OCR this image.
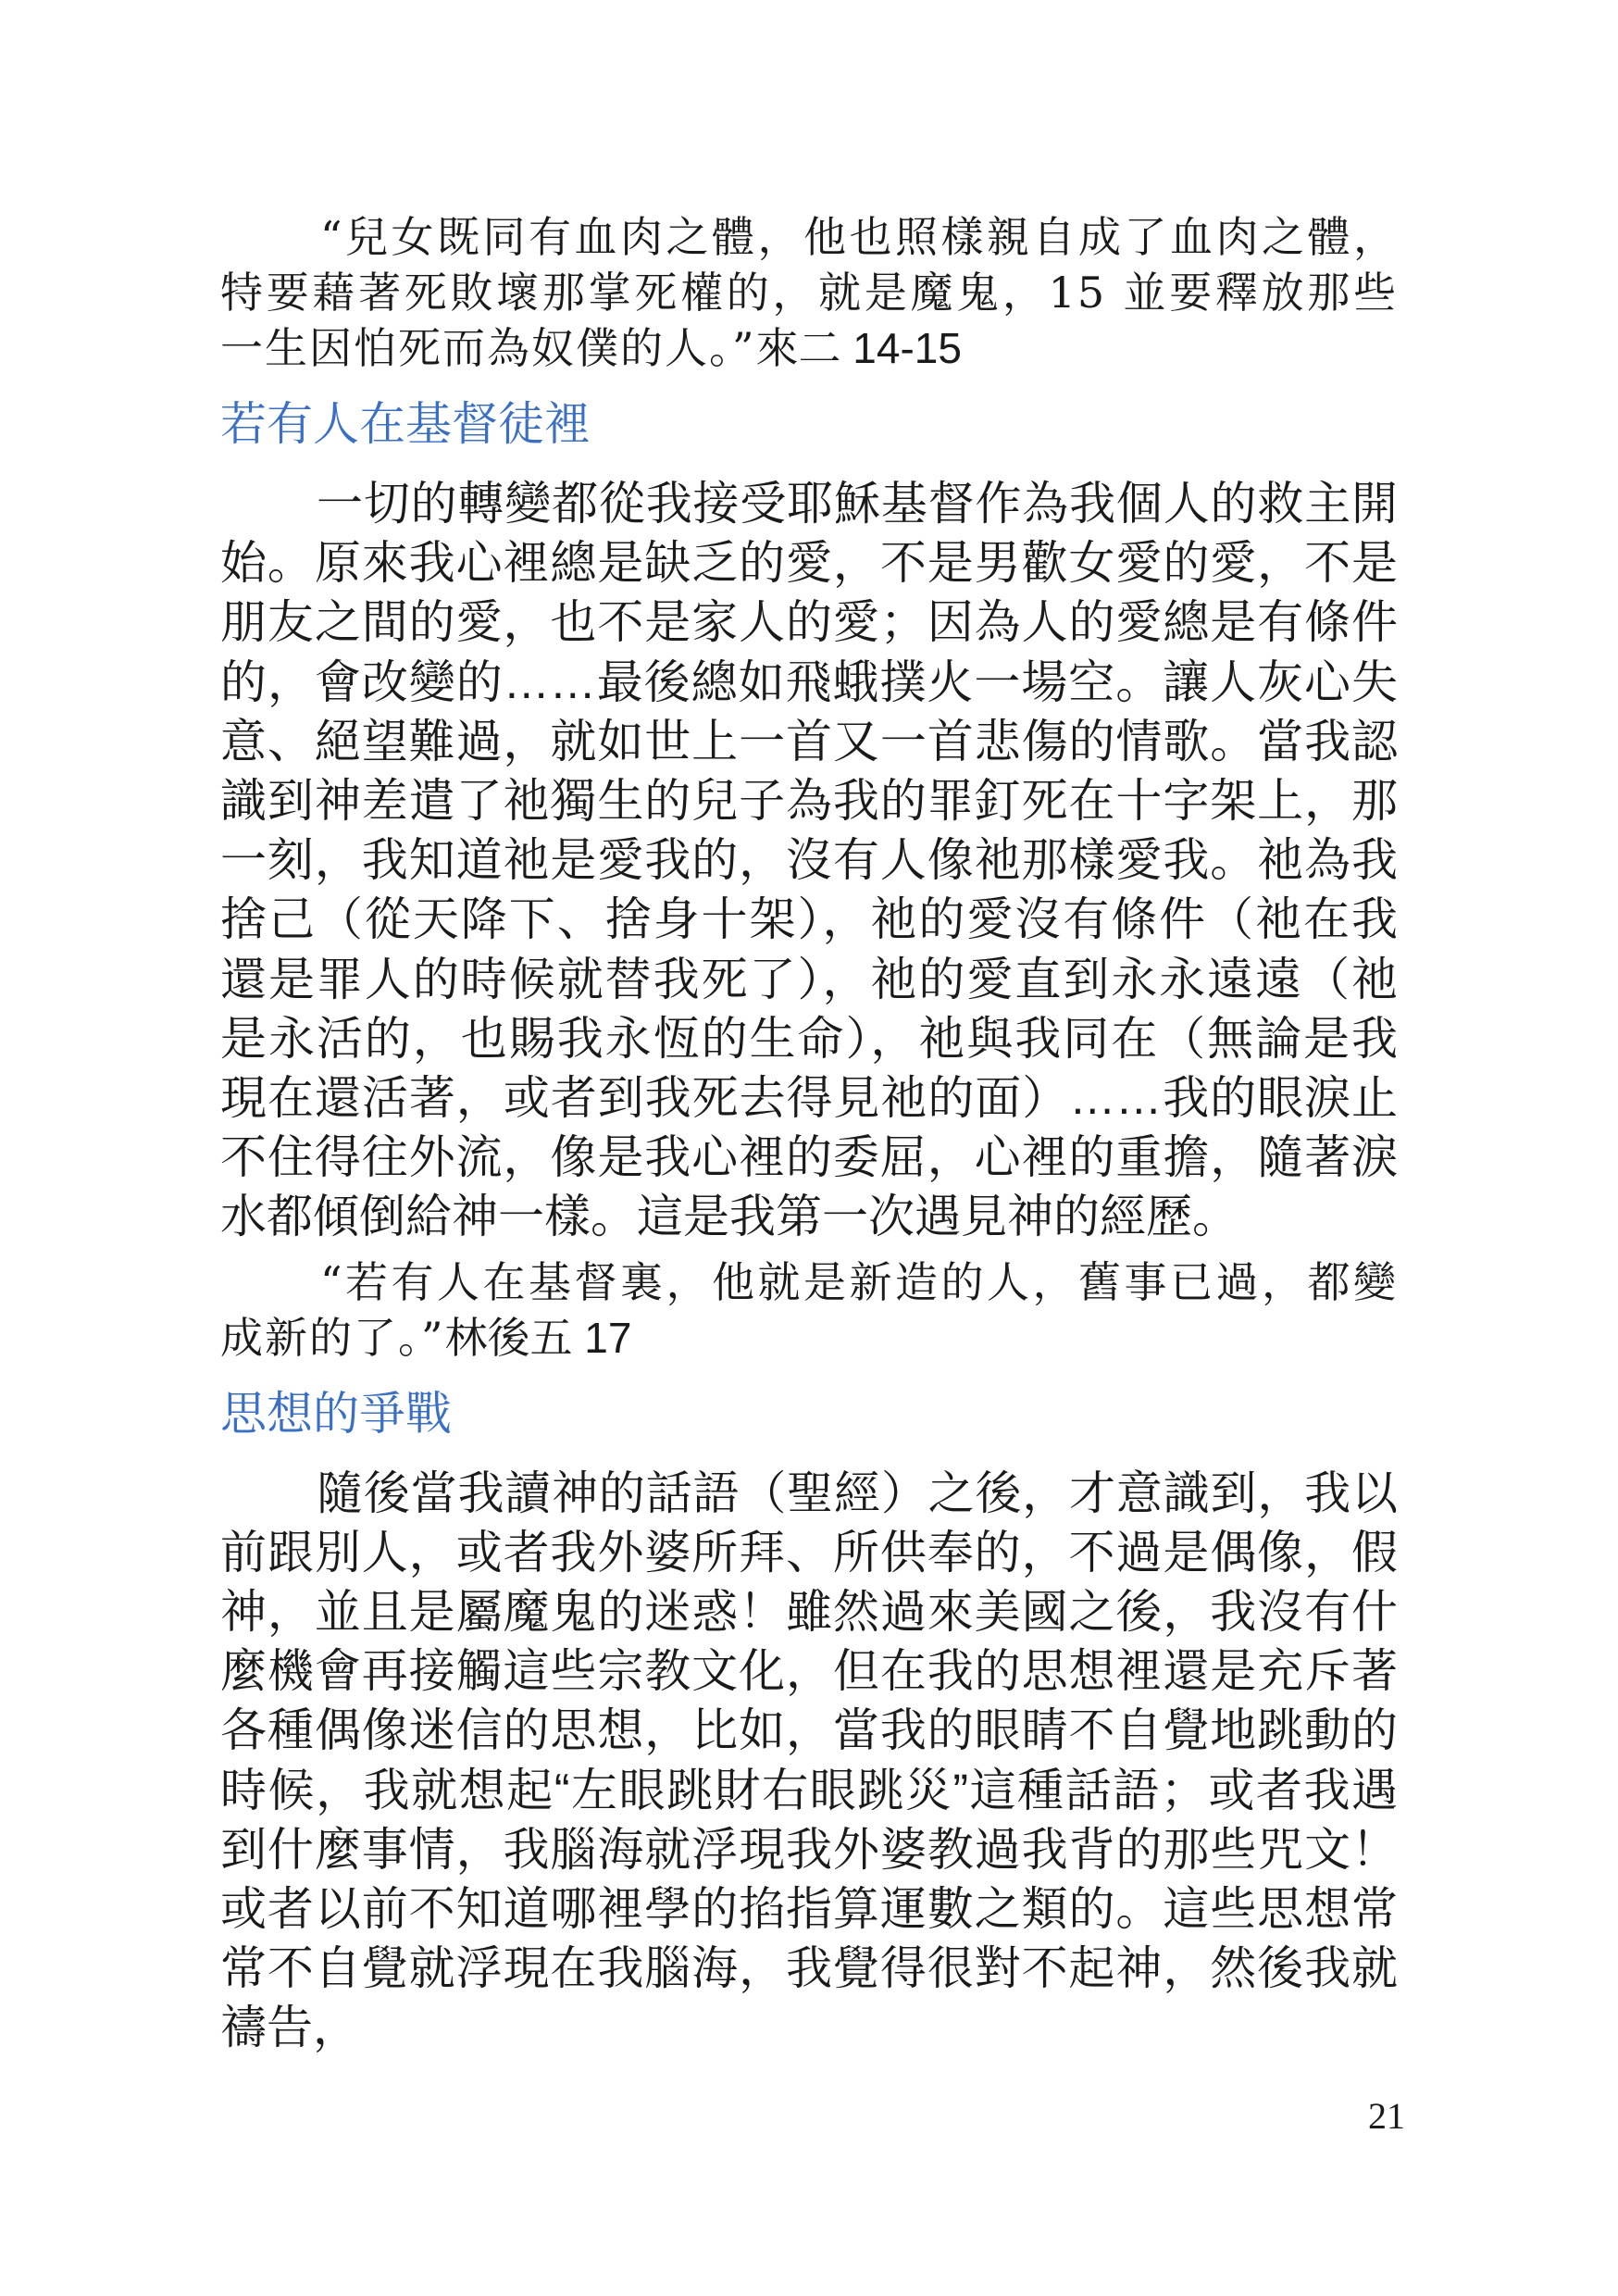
“兒女既同有血肉之體，他也照樣親自成了血肉之體，特要藉著死敗壞那掌死權的，就是魔鬼，15 並要釋放那些一生因怕死而為奴僕的人。”來二 14-15

若有人在基督徒裡

一切的轉變都從我接受耶穌基督作為我個人的救主開始。原來我心裡總是缺乏的愛，不是男歡女愛的愛，不是朋友之間的愛，也不是家人的愛；因為人的愛總是有條件的，會改變的……最後總如飛蛾撲火一場空。讓人灰心失意、絕望難過，就如世上一首又一首悲傷的情歌。當我認識到神差遣了祂獨生的兒子為我的罪釘死在十字架上，那一刻，我知道祂是愛我的，沒有人像祂那樣愛我。祂為我捨己（從天降下、捨身十架），祂的愛沒有條件（祂在我還是罪人的時候就替我死了），祂的愛直到永永遠遠（祂是永活的，也賜我永恆的生命），祂與我同在（無論是我現在還活著，或者到我死去得見祂的面）……我的眼淚止不住得往外流，像是我心裡的委屈，心裡的重擔，隨著淚水都傾倒給神一樣。這是我第一次遇見神的經歷。

“若有人在基督裏，他就是新造的人，舊事已過，都變成新的了。”林後五 17

思想的爭戰

隨後當我讀神的話語（聖經）之後，才意識到，我以前跟別人，或者我外婆所拜、所供奉的，不過是偶像，假神，並且是屬魔鬼的迷惑！雖然過來美國之後，我沒有什麼機會再接觸這些宗教文化，但在我的思想裡還是充斥著各種偶像迷信的思想，比如，當我的眼睛不自覺地跳動的時候，我就想起“左眼跳財右眼跳災”這種話語；或者我遇到什麼事情，我腦海就浮現我外婆教過我背的那些咒文！或者以前不知道哪裡學的掐指算運數之類的。這些思想常常不自覺就浮現在我腦海，我覺得很對不起神，然後我就禱告，

21
